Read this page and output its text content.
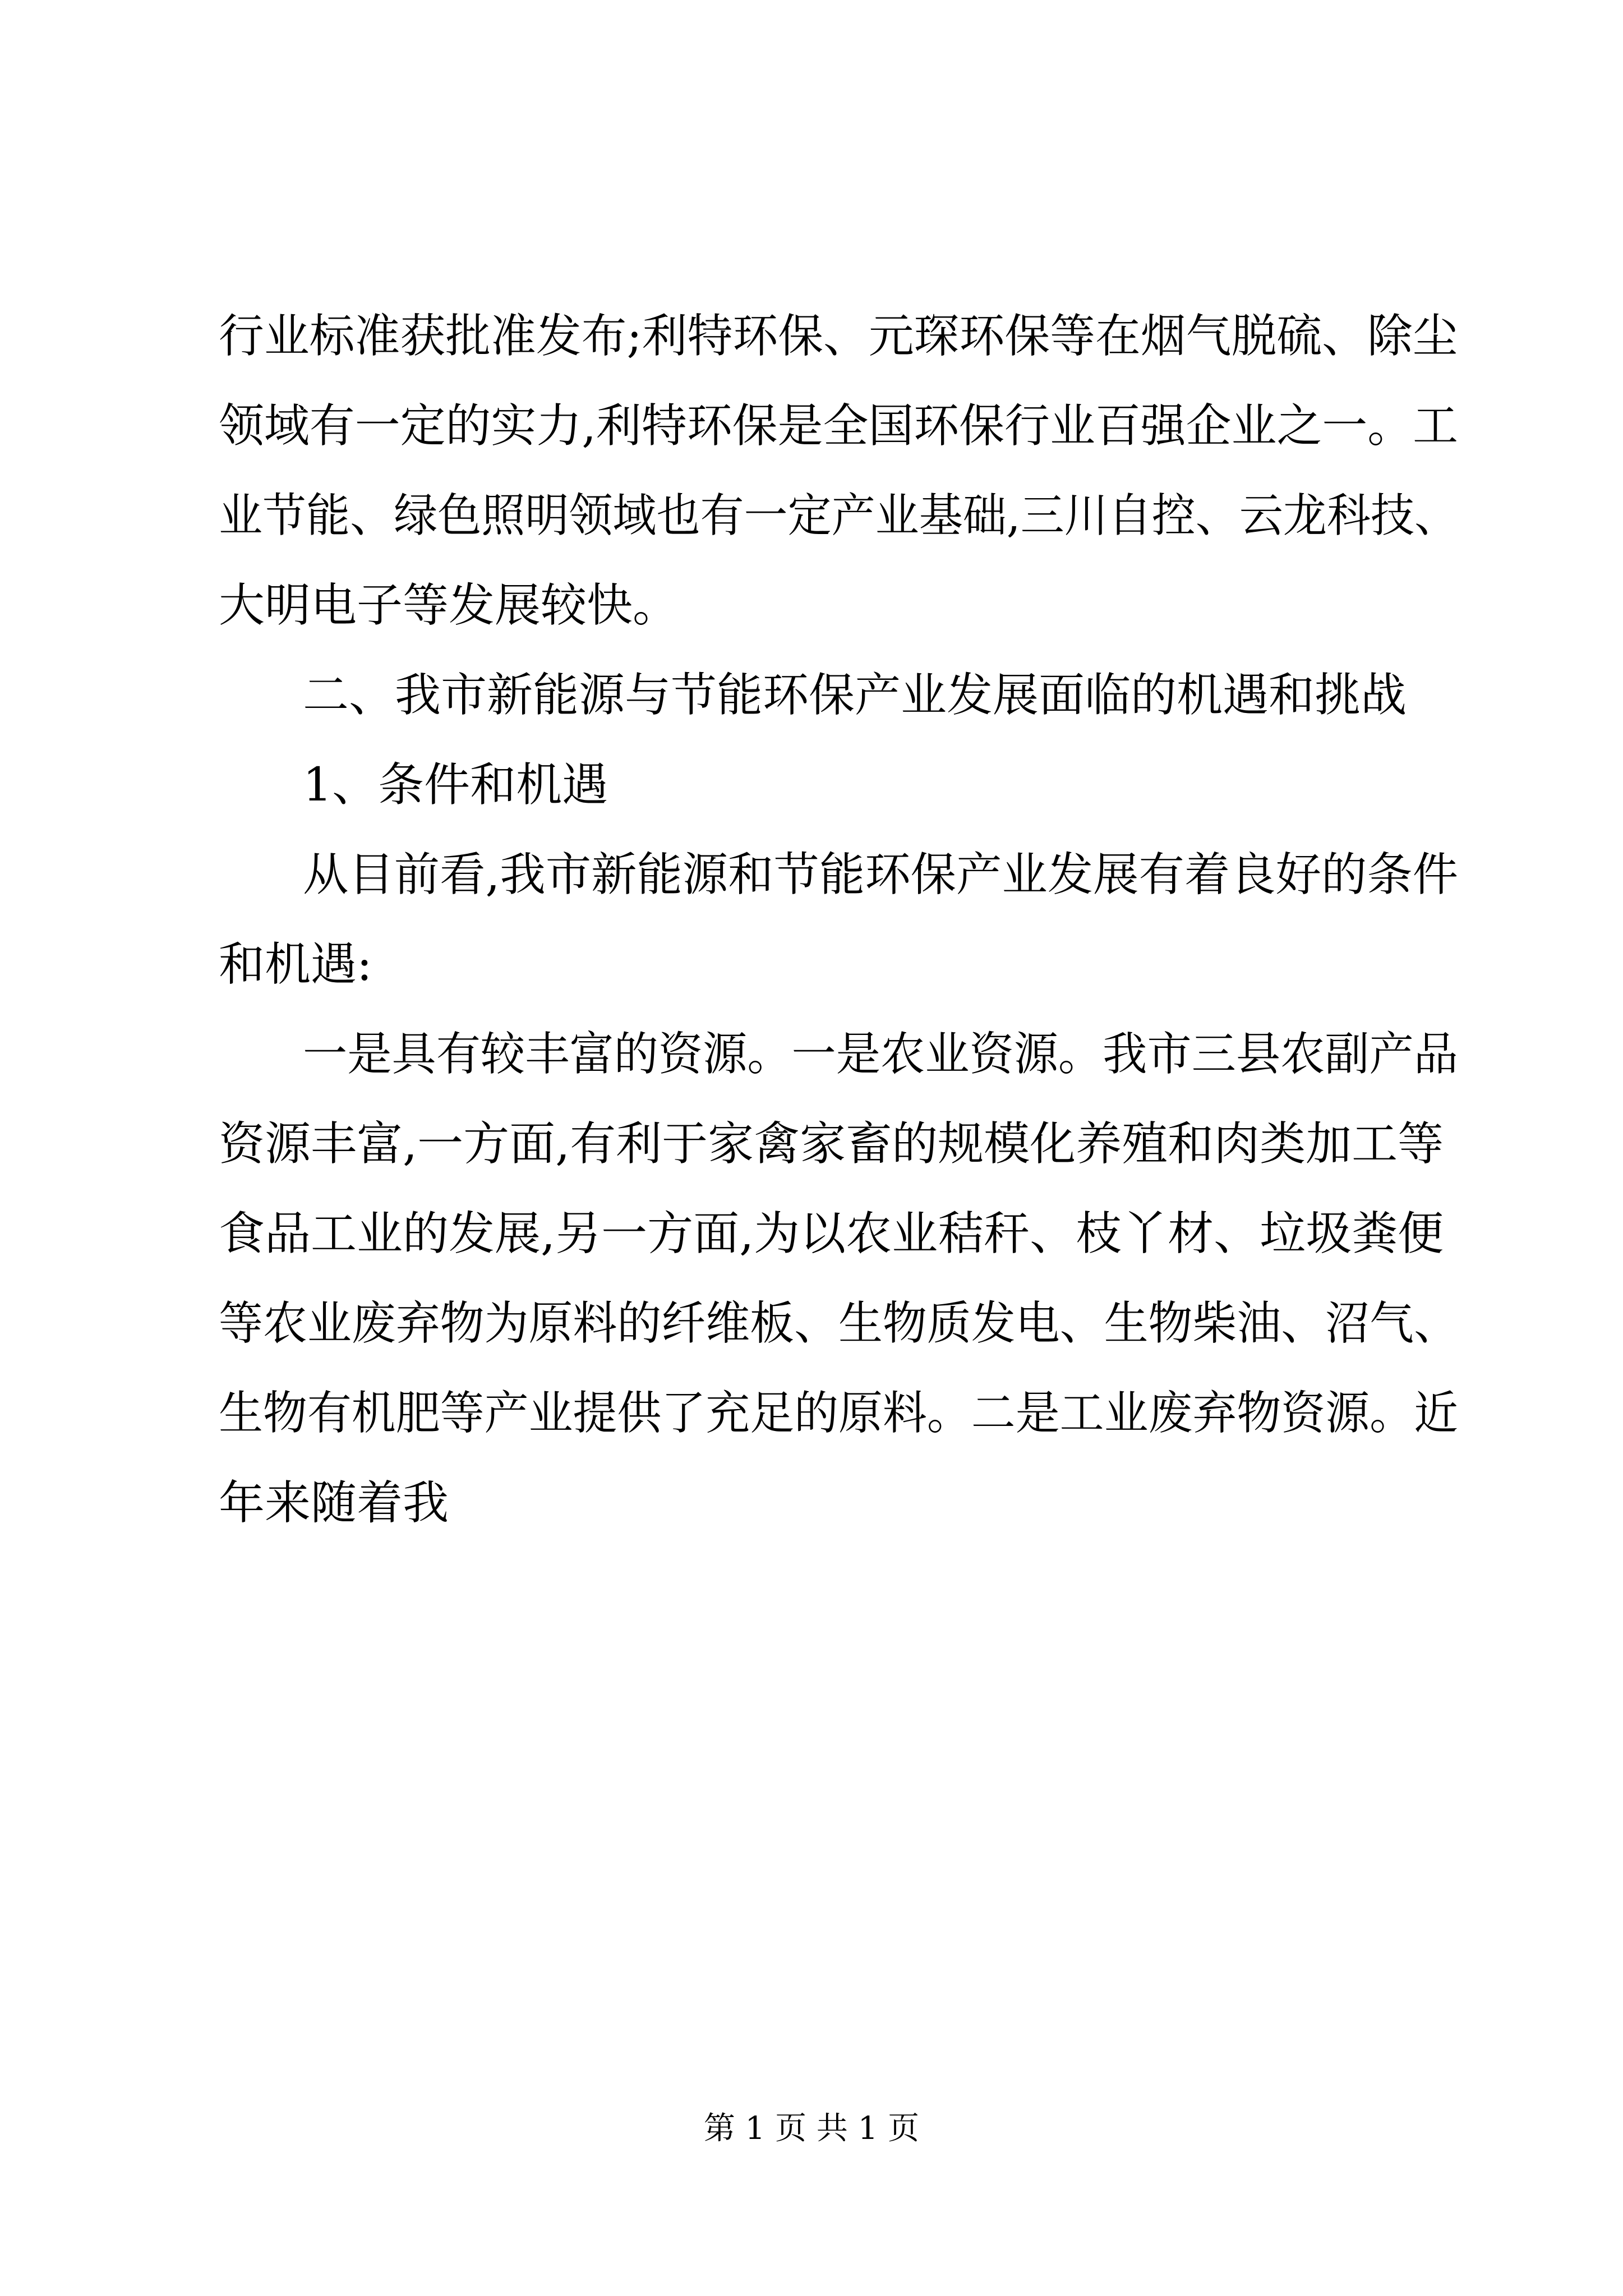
行业标准获批准发布;利特环保、元琛环保等在烟气脱硫、除尘
领域有一定的实力,利特环保是全国环保行业百强企业之一。工
业节能、绿色照明领域也有一定产业基础,三川自控、云龙科技、
大明电子等发展较快。
二、我市新能源与节能环保产业发展面临的机遇和挑战
1、条件和机遇
从目前看,我市新能源和节能环保产业发展有着良好的条件
和机遇:
一是具有较丰富的资源。一是农业资源。我市三县农副产品
资源丰富,一方面,有利于家禽家畜的规模化养殖和肉类加工等
食品工业的发展,另一方面,为以农业秸秆、枝丫材、垃圾粪便
等农业废弃物为原料的纤维板、生物质发电、生物柴油、沼气、
生物有机肥等产业提供了充足的原料。二是工业废弃物资源。近
年来随着我
第 1 页 共 1 页
